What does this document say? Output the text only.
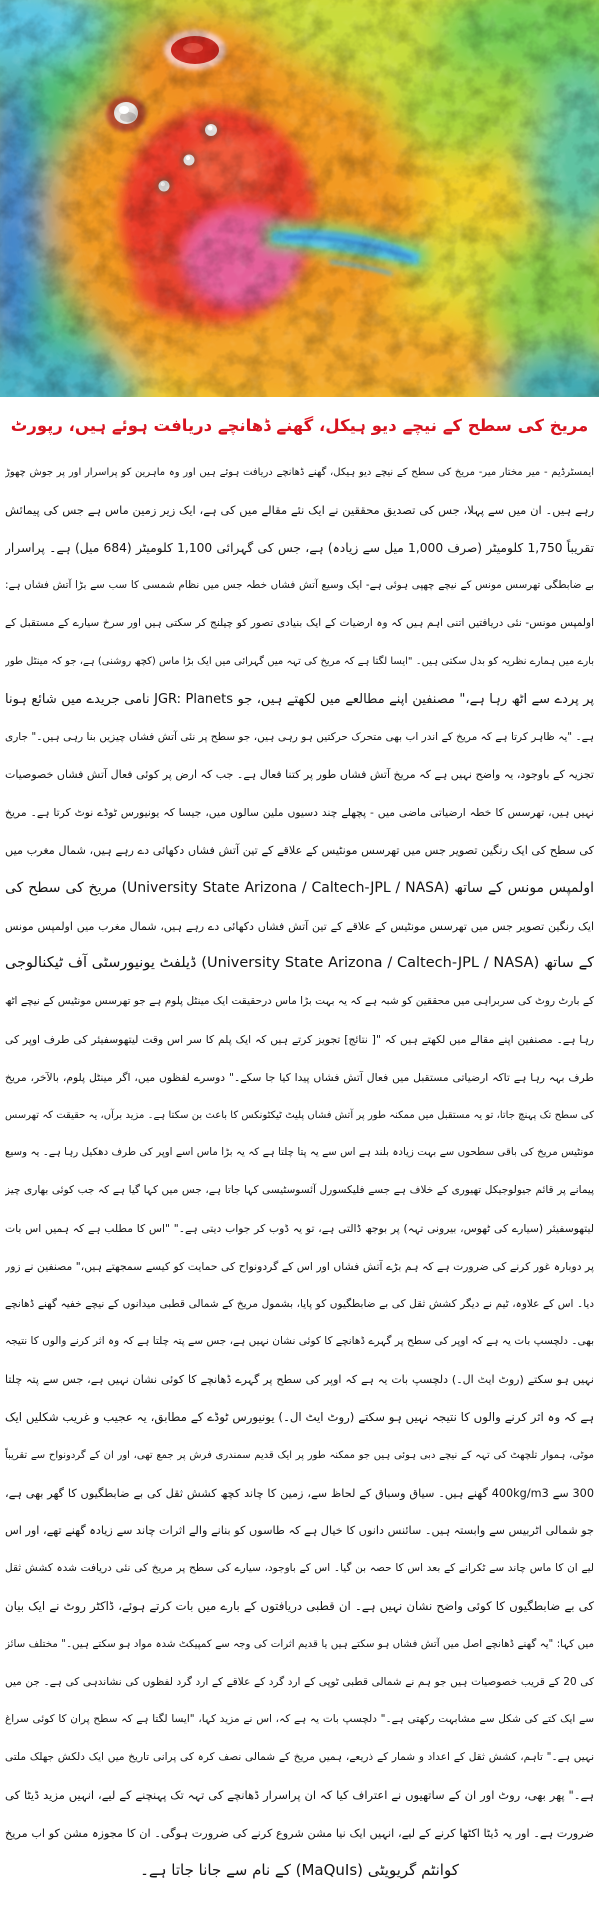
مریخ کی سطح کے نیچے دیو ہیکل، گھنے ڈھانچے دریافت ہوئے ہیں، رپورٹ
ایمسٹرڈیم - میر مختار میر- مریخ کی سطح کے نیچے دیو ہیکل، گھنے ڈھانچے دریافت ہوئے ہیں اور وہ ماہرین کو پراسرار اور پر جوش چھوڑ
رہے ہیں۔ ان میں سے پہلا، جس کی تصدیق محققین نے ایک نئے مقالے میں کی ہے، ایک زیر زمین ماس ہے جس کی پیمائش
تقریباً 1,750 کلومیٹر (صرف 1,000 میل سے زیادہ) ہے، جس کی گہرائی 1,100 کلومیٹر (684 میل) ہے۔ پراسرار
بے ضابطگی تھرسس مونس کے نیچے چھپی ہوئی ہے- ایک وسیع آتش فشاں خطہ جس میں نظام شمسی کا سب سے بڑا آتش فشاں ہے:
اولمپس مونس- نئی دریافتیں اتنی اہم ہیں کہ وہ ارضیات کے ایک بنیادی تصور کو چیلنج کر سکتی ہیں اور سرخ سیارے کے مستقبل کے
بارے میں ہمارے نظریہ کو بدل سکتی ہیں۔ "ایسا لگتا ہے کہ مریخ کی تہہ میں گہرائی میں ایک بڑا ماس (کچھ روشنی) ہے، جو کہ مینٹل طور
پر پردے سے اٹھ رہا ہے،" مصنفین اپنے مطالعے میں لکھتے ہیں، جو JGR: Planets نامی جریدے میں شائع ہونا
ہے۔ "یہ ظاہر کرتا ہے کہ مریخ کے اندر اب بھی متحرک حرکتیں ہو رہی ہیں، جو سطح پر نئی آتش فشاں چیزیں بنا رہی ہیں۔" جاری
تجزیہ کے باوجود، یہ واضح نہیں ہے کہ مریخ آتش فشاں طور پر کتنا فعال ہے۔ جب کہ ارض پر کوئی فعال آتش فشاں خصوصیات
نہیں ہیں، تھرسس کا خطہ ارضیاتی ماضی میں - پچھلے چند دسیوں ملین سالوں میں، جیسا کہ یونیورس ٹوڈے نوٹ کرتا ہے۔ مریخ
کی سطح کی ایک رنگین تصویر جس میں تھرسس مونٹیس کے علاقے کے تین آتش فشاں دکھائی دے رہے ہیں، شمال مغرب میں
اولمپس مونس کے ساتھ (University State Arizona / Caltech-JPL / NASA) مریخ کی سطح کی
ایک رنگین تصویر جس میں تھرسس مونٹیس کے علاقے کے تین آتش فشاں دکھائی دے رہے ہیں، شمال مغرب میں اولمپس مونس
کے ساتھ (University State Arizona / Caltech-JPL / NASA) ڈیلفٹ یونیورسٹی آف ٹیکنالوجی
کے بارٹ روٹ کی سربراہی میں محققین کو شبہ ہے کہ یہ بہت بڑا ماس درحقیقت ایک مینٹل پلوم ہے جو تھرسس مونٹیس کے نیچے اٹھ
رہا ہے۔ مصنفین اپنے مقالے میں لکھتے ہیں کہ "[ نتائج] تجویز کرتے ہیں کہ ایک پلم کا سر اس وقت لیتھوسفیئر کی طرف اوپر کی
طرف بہہ رہا ہے تاکہ ارضیاتی مستقبل میں فعال آتش فشاں پیدا کیا جا سکے۔" دوسرے لفظوں میں، اگر مینٹل پلوم، بالآخر، مریخ
کی سطح تک پہنچ جاتا، تو یہ مستقبل میں ممکنہ طور پر آتش فشاں پلیٹ ٹیکٹونکس کا باعث بن سکتا ہے۔ مزید برآں، یہ حقیقت کہ تھرسس
مونٹیس مریخ کی باقی سطحوں سے بہت زیادہ بلند ہے اس سے یہ پتا چلتا ہے کہ یہ بڑا ماس اسے اوپر کی طرف دھکیل رہا ہے۔ یہ وسیع
پیمانے پر قائم جیولوجیکل تھیوری کے خلاف ہے جسے فلیکسورل آئسوسٹیسی کہا جاتا ہے، جس میں کہا گیا ہے کہ جب کوئی بھاری چیز
لیتھوسفیئر (سیارے کی ٹھوس، بیرونی تہہ) پر بوجھ ڈالتی ہے، تو یہ ڈوب کر جواب دیتی ہے۔" "اس کا مطلب ہے کہ ہمیں اس بات
پر دوبارہ غور کرنے کی ضرورت ہے کہ ہم بڑے آتش فشاں اور اس کے گردونواح کی حمایت کو کیسے سمجھتے ہیں،" مصنفین نے زور
دیا۔ اس کے علاوہ، ٹیم نے دیگر کشش ثقل کی بے ضابطگیوں کو پایا، بشمول مریخ کے شمالی قطبی میدانوں کے نیچے خفیہ گھنے ڈھانچے
بھی۔ دلچسپ بات یہ ہے کہ اوپر کی سطح پر گہرے ڈھانچے کا کوئی نشان نہیں ہے، جس سے پتہ چلتا ہے کہ وہ اثر کرنے والوں کا نتیجہ
نہیں ہو سکتے (روٹ ایٹ ال۔) دلچسپ بات یہ ہے کہ اوپر کی سطح پر گہرے ڈھانچے کا کوئی نشان نہیں ہے، جس سے پتہ چلتا
ہے کہ وہ اثر کرنے والوں کا نتیجہ نہیں ہو سکتے (روٹ ایٹ ال۔) یونیورس ٹوڈے کے مطابق، یہ عجیب و غریب شکلیں ایک
موٹی، ہموار تلچھٹ کی تہہ کے نیچے دبی ہوئی ہیں جو ممکنہ طور پر ایک قدیم سمندری فرش پر جمع تھی، اور ان کے گردونواح سے تقریباً
300 سے 400kg/m3 گھنے ہیں۔ سیاق وسباق کے لحاظ سے، زمین کا چاند کچھ کشش ثقل کی بے ضابطگیوں کا گھر بھی ہے،
جو شمالی اٹربیس سے وابستہ ہیں۔ سائنس دانوں کا خیال ہے کہ طاسوں کو بنانے والے اثرات چاند سے زیادہ گھنے تھے، اور اس
لیے ان کا ماس چاند سے ٹکرانے کے بعد اس کا حصہ بن گیا۔ اس کے باوجود، سیارے کی سطح پر مریخ کی نئی دریافت شدہ کشش ثقل
کی بے ضابطگیوں کا کوئی واضح نشان نہیں ہے۔ ان قطبی دریافتوں کے بارے میں بات کرتے ہوئے، ڈاکٹر روٹ نے ایک بیان
میں کہا: "یہ گھنے ڈھانچے اصل میں آتش فشاں ہو سکتے ہیں یا قدیم اثرات کی وجہ سے کمپیکٹ شدہ مواد ہو سکتے ہیں۔" مختلف سائز
کی 20 کے قریب خصوصیات ہیں جو ہم نے شمالی قطبی ٹوپی کے ارد گرد کے علاقے کے ارد گرد لفظوں کی نشاندہی کی ہے۔ جن میں
سے ایک کتے کی شکل سے مشابہت رکھتی ہے۔" دلچسپ بات یہ ہے کہ، اس نے مزید کہا، "ایسا لگتا ہے کہ سطح پران کا کوئی سراغ
نہیں ہے۔" تاہم، کشش ثقل کے اعداد و شمار کے ذریعے، ہمیں مریخ کے شمالی نصف کرہ کی پرانی تاریخ میں ایک دلکش جھلک ملتی
ہے۔" پھر بھی، روٹ اور ان کے ساتھیوں نے اعتراف کیا کہ ان پراسرار ڈھانچے کی تہہ تک پہنچنے کے لیے، انہیں مزید ڈیٹا کی
ضرورت ہے۔ اور یہ ڈیٹا اکٹھا کرنے کے لیے، انہیں ایک نیا مشن شروع کرنے کی ضرورت ہوگی۔ ان کا مجوزہ مشن کو اب مریخ
کوانٹم گریویٹی (MaQuIs) کے نام سے جانا جاتا ہے۔
